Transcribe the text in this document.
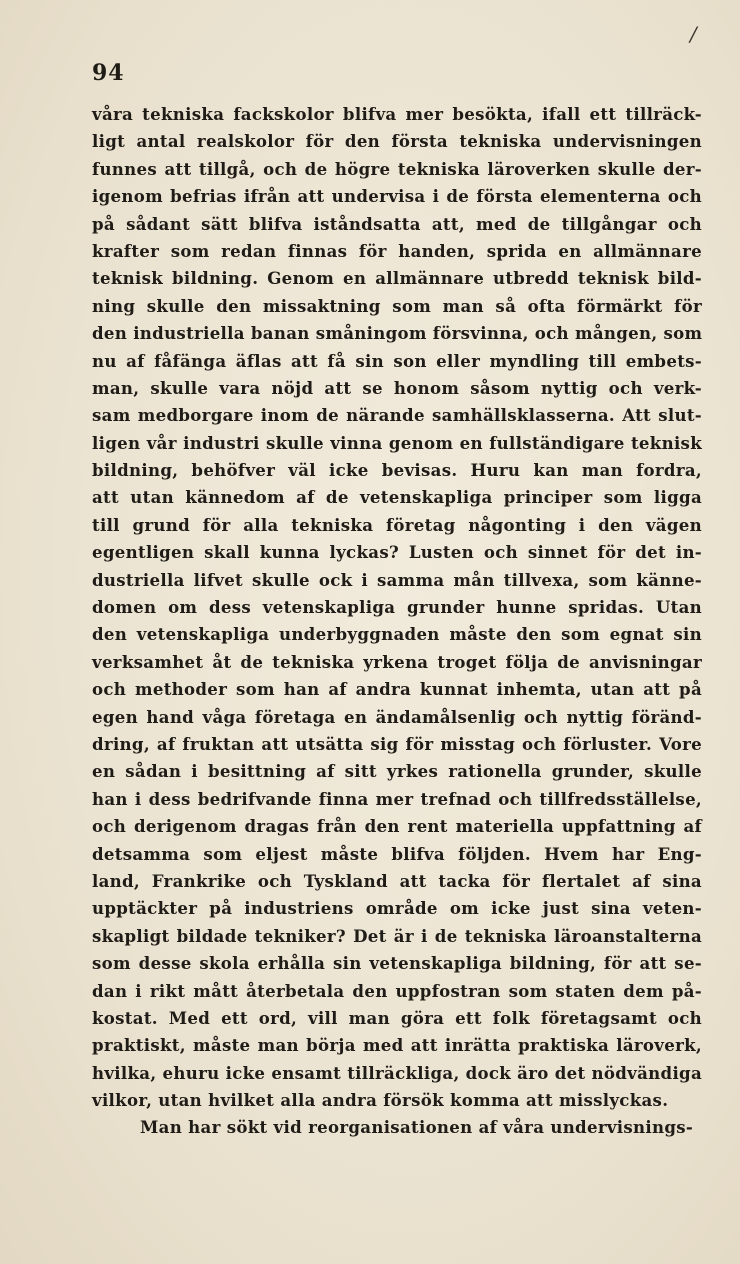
/
94
våra tekniska fackskolor blifva mer besökta, ifall ett tillräck-
ligt antal realskolor för den första tekniska undervisningen
funnes att tillgå, och de högre tekniska läroverken skulle der-
igenom befrias ifrån att undervisa i de första elementerna och
på sådant sätt blifva iståndsatta att, med de tillgångar och
krafter som redan finnas för handen, sprida en allmännare
teknisk bildning. Genom en allmännare utbredd teknisk bild-
ning skulle den missaktning som man så ofta förmärkt för
den industriella banan småningom försvinna, och mången, som
nu af fåfänga äflas att få sin son eller myndling till embets-
man, skulle vara nöjd att se honom såsom nyttig och verk-
sam medborgare inom de närande samhällsklasserna. Att slut-
ligen vår industri skulle vinna genom en fullständigare teknisk
bildning, behöfver väl icke bevisas. Huru kan man fordra,
att utan kännedom af de vetenskapliga principer som ligga
till grund för alla tekniska företag någonting i den vägen
egentligen skall kunna lyckas? Lusten och sinnet för det in-
dustriella lifvet skulle ock i samma mån tillvexa, som känne-
domen om dess vetenskapliga grunder hunne spridas. Utan
den vetenskapliga underbyggnaden måste den som egnat sin
verksamhet åt de tekniska yrkena troget följa de anvisningar
och methoder som han af andra kunnat inhemta, utan att på
egen hand våga företaga en ändamålsenlig och nyttig föränd-
dring, af fruktan att utsätta sig för misstag och förluster. Vore
en sådan i besittning af sitt yrkes rationella grunder, skulle
han i dess bedrifvande finna mer trefnad och tillfredsställelse,
och derigenom dragas från den rent materiella uppfattning af
detsamma som eljest måste blifva följden. Hvem har Eng-
land, Frankrike och Tyskland att tacka för flertalet af sina
upptäckter på industriens område om icke just sina veten-
skapligt bildade tekniker? Det är i de tekniska läroanstalterna
som desse skola erhålla sin vetenskapliga bildning, för att se-
dan i rikt mått återbetala den uppfostran som staten dem på-
kostat. Med ett ord, vill man göra ett folk företagsamt och
praktiskt, måste man börja med att inrätta praktiska läroverk,
hvilka, ehuru icke ensamt tillräckliga, dock äro det nödvändiga
vilkor, utan hvilket alla andra försök komma att misslyckas.
Man har sökt vid reorganisationen af våra undervisnings-
